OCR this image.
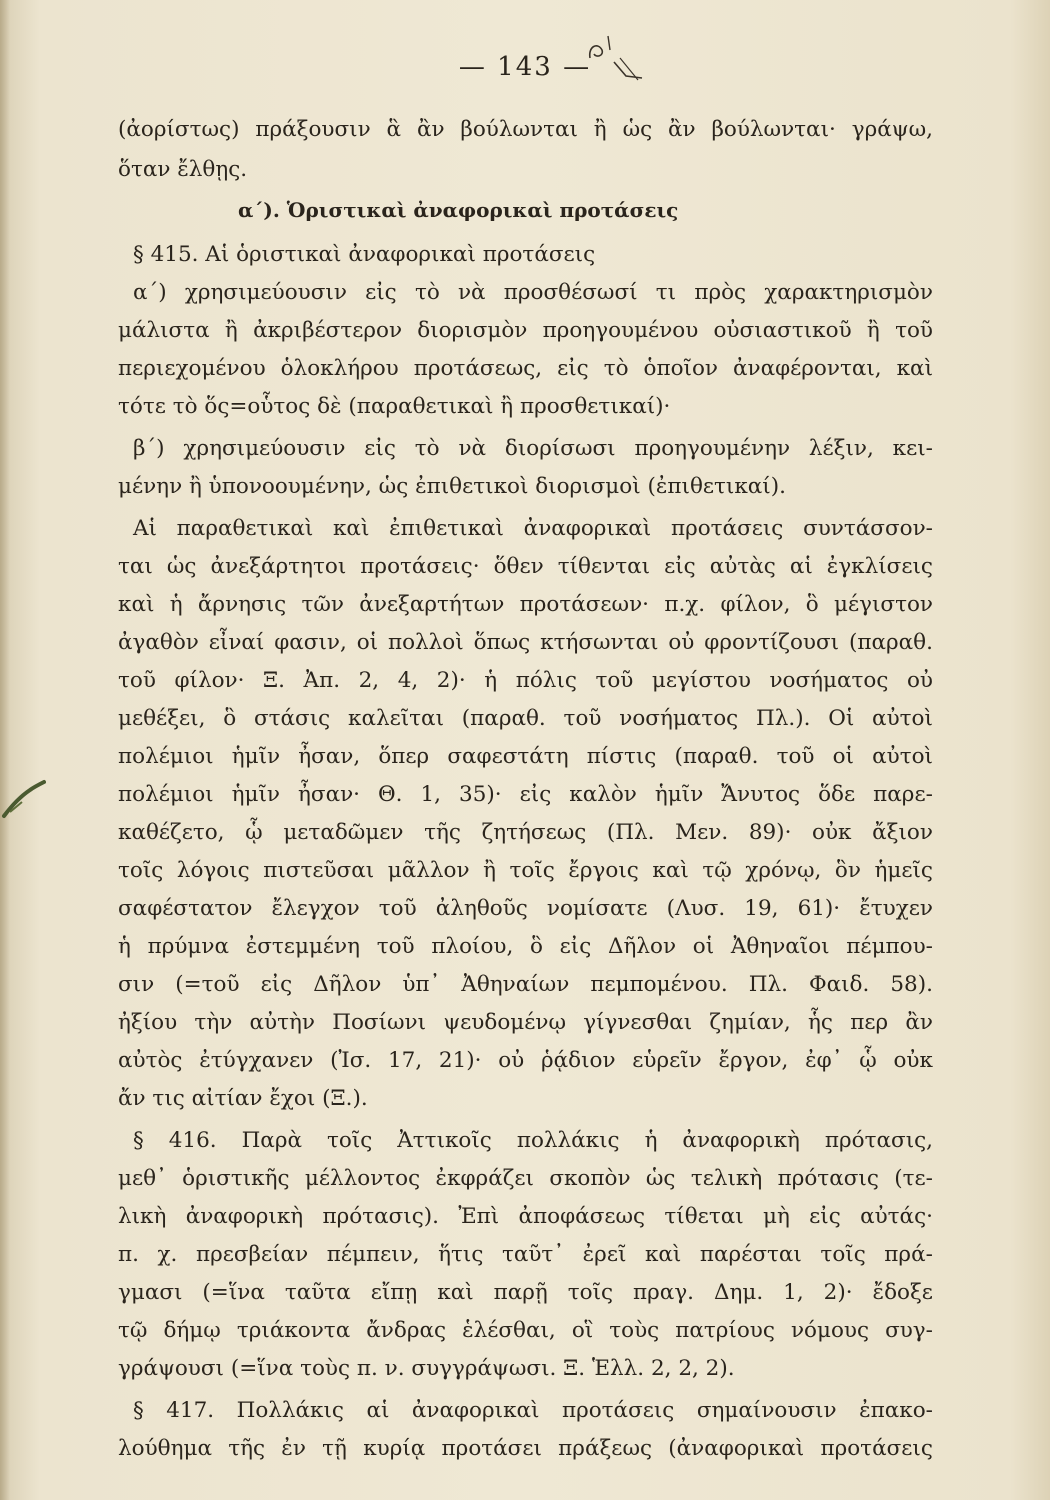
— 143 —
(ἀορίστως) πράξουσιν ἃ ἂν βούλωνται ἢ ὡς ἂν βούλωνται· γράψω,
ὅταν ἔλθῃς.
α΄). Ὁριστικαὶ ἀναφορικαὶ προτάσεις
§ 415. Αἱ ὁριστικαὶ ἀναφορικαὶ προτάσεις
α΄) χρησιμεύουσιν εἰς τὸ νὰ προσθέσωσί τι πρὸς χαρακτηρισμὸν
μάλιστα ἢ ἀκριβέστερον διορισμὸν προηγουμένου οὐσιαστικοῦ ἢ τοῦ
περιεχομένου ὁλοκλήρου προτάσεως, εἰς τὸ ὁποῖον ἀναφέρονται, καὶ
τότε τὸ ὅς=οὗτος δὲ (παραθετικαὶ ἢ προσθετικαί)·
β΄) χρησιμεύουσιν εἰς τὸ νὰ διορίσωσι προηγουμένην λέξιν, κει-
μένην ἢ ὑπονοουμένην, ὡς ἐπιθετικοὶ διορισμοὶ (ἐπιθετικαί).
Αἱ παραθετικαὶ καὶ ἐπιθετικαὶ ἀναφορικαὶ προτάσεις συντάσσον-
ται ὡς ἀνεξάρτητοι προτάσεις· ὅθεν τίθενται εἰς αὐτὰς αἱ ἐγκλίσεις
καὶ ἡ ἄρνησις τῶν ἀνεξαρτήτων προτάσεων· π.χ. φίλον, ὃ μέγιστον
ἀγαθὸν εἶναί φασιν, οἱ πολλοὶ ὅπως κτήσωνται οὐ φροντίζουσι (παραθ.
τοῦ φίλον· Ξ. Ἀπ. 2, 4, 2)· ἡ πόλις τοῦ μεγίστου νοσήματος οὐ
μεθέξει, ὃ στάσις καλεῖται (παραθ. τοῦ νοσήματος Πλ.). Οἱ αὐτοὶ
πολέμιοι ἡμῖν ἦσαν, ὅπερ σαφεστάτη πίστις (παραθ. τοῦ οἱ αὐτοὶ
πολέμιοι ἡμῖν ἦσαν· Θ. 1, 35)· εἰς καλὸν ἡμῖν Ἄνυτος ὅδε παρε-
καθέζετο, ᾧ μεταδῶμεν τῆς ζητήσεως (Πλ. Μεν. 89)· οὐκ ἄξιον
τοῖς λόγοις πιστεῦσαι μᾶλλον ἢ τοῖς ἔργοις καὶ τῷ χρόνῳ, ὃν ἡμεῖς
σαφέστατον ἔλεγχον τοῦ ἀληθοῦς νομίσατε (Λυσ. 19, 61)· ἔτυχεν
ἡ πρύμνα ἐστεμμένη τοῦ πλοίου, ὃ εἰς Δῆλον οἱ Ἀθηναῖοι πέμπου-
σιν (=τοῦ εἰς Δῆλον ὑπ᾽ Ἀθηναίων πεμπομένου. Πλ. Φαιδ. 58).
ἠξίου τὴν αὐτὴν Ποσίωνι ψευδομένῳ γίγνεσθαι ζημίαν, ἧς περ ἂν
αὐτὸς ἐτύγχανεν (Ἰσ. 17, 21)· οὐ ῥᾴδιον εὑρεῖν ἔργον, ἐφ᾽ ᾧ οὐκ
ἄν τις αἰτίαν ἔχοι (Ξ.).
§ 416. Παρὰ τοῖς Ἀττικοῖς πολλάκις ἡ ἀναφορικὴ πρότασις,
μεθ᾽ ὁριστικῆς μέλλοντος ἐκφράζει σκοπὸν ὡς τελικὴ πρότασις (τε-
λικὴ ἀναφορικὴ πρότασις). Ἐπὶ ἀποφάσεως τίθεται μὴ εἰς αὐτάς·
π. χ. πρεσβείαν πέμπειν, ἥτις ταῦτ᾽ ἐρεῖ καὶ παρέσται τοῖς πρά-
γμασι (=ἵνα ταῦτα εἴπῃ καὶ παρῇ τοῖς πραγ. Δημ. 1, 2)· ἔδοξε
τῷ δήμῳ τριάκοντα ἄνδρας ἑλέσθαι, οἳ τοὺς πατρίους νόμους συγ-
γράψουσι (=ἵνα τοὺς π. ν. συγγράψωσι. Ξ. Ἑλλ. 2, 2, 2).
§ 417. Πολλάκις αἱ ἀναφορικαὶ προτάσεις σημαίνουσιν ἐπακο-
λούθημα τῆς ἐν τῇ κυρίᾳ προτάσει πράξεως (ἀναφορικαὶ προτάσεις
